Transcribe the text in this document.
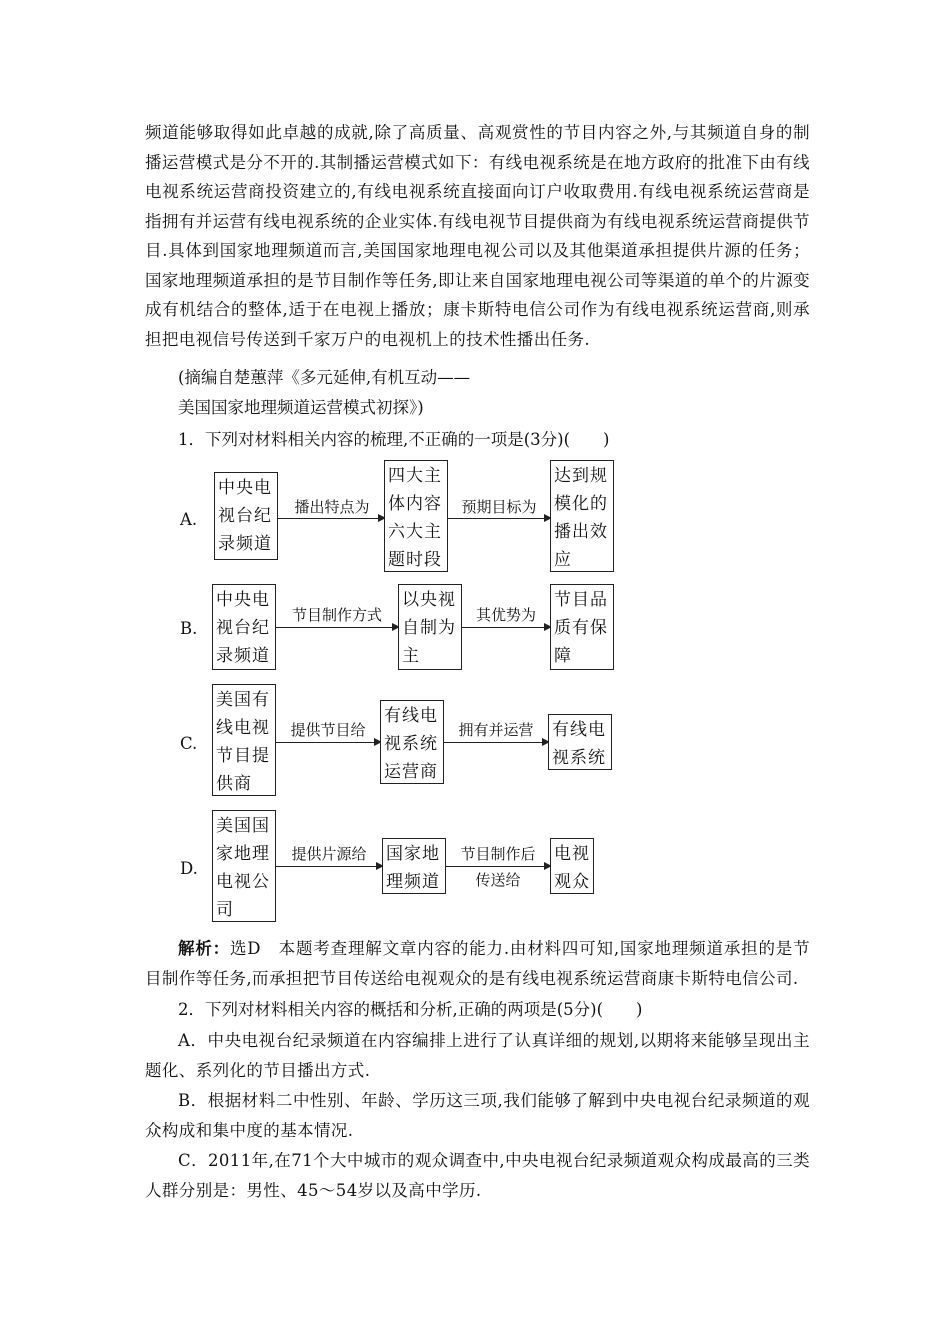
频道能够取得如此卓越的成就,除了高质量、高观赏性的节目内容之外,与其频道自身的制播运营模式是分不开的.其制播运营模式如下：有线电视系统是在地方政府的批准下由有线电视系统运营商投资建立的,有线电视系统直接面向订户收取费用.有线电视系统运营商是指拥有并运营有线电视系统的企业实体.有线电视节目提供商为有线电视系统运营商提供节目.具体到国家地理频道而言,美国国家地理电视公司以及其他渠道承担提供片源的任务；国家地理频道承担的是节目制作等任务,即让来自国家地理电视公司等渠道的单个的片源变成有机结合的整体,适于在电视上播放；康卡斯特电信公司作为有线电视系统运营商,则承担把电视信号传送到千家万户的电视机上的技术性播出任务.

(摘编自楚蕙萍《多元延伸,有机互动——
美国国家地理频道运营模式初探》)
1．下列对材料相关内容的梳理,不正确的一项是(3分)(　　)
A.
中央电视台纪录频道
播出特点为
四大主体内容六大主题时段
预期目标为
达到规模化的播出效应
B.
中央电视台纪录频道
节目制作方式
以央视自制为主
其优势为
节目品质有保障
C.
美国有线电视节目提供商
提供节目给
有线电视系统运营商
拥有并运营	有线电视系统
D.
美国国家地理电视公司
提供片源给	国家地理频道
节目制作后
传送给
电视观众

解析：选D　本题考查理解文章内容的能力.由材料四可知,国家地理频道承担的是节目制作等任务,而承担把节目传送给电视观众的是有线电视系统运营商康卡斯特电信公司.

2．下列对材料相关内容的概括和分析,正确的两项是(5分)(　　)

A．中央电视台纪录频道在内容编排上进行了认真详细的规划,以期将来能够呈现出主题化、系列化的节目播出方式.

B．根据材料二中性别、年龄、学历这三项,我们能够了解到中央电视台纪录频道的观众构成和集中度的基本情况.

C．2011年,在71个大中城市的观众调查中,中央电视台纪录频道观众构成最高的三类人群分别是：男性、45～54岁以及高中学历.
